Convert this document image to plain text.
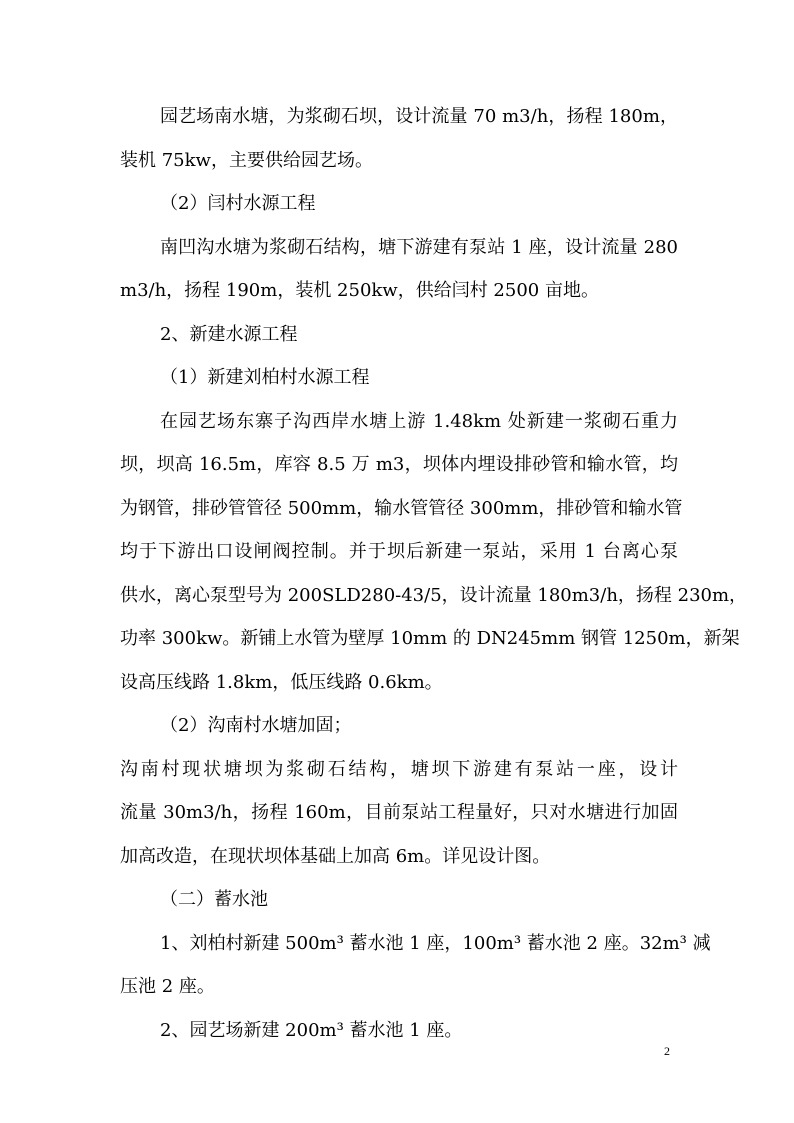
园艺场南水塘，为浆砌石坝，设计流量 70 m3/h，扬程 180m，
装机 75kw，主要供给园艺场。
（2）闫村水源工程
南凹沟水塘为浆砌石结构，塘下游建有泵站 1 座，设计流量 280
m3/h，扬程 190m，装机 250kw，供给闫村 2500 亩地。
2、新建水源工程
（1）新建刘柏村水源工程
在园艺场东寨子沟西岸水塘上游 1.48km 处新建一浆砌石重力
坝，坝高 16.5m，库容 8.5 万 m3，坝体内埋设排砂管和输水管，均
为钢管，排砂管管径 500mm，输水管管径 300mm，排砂管和输水管
均于下游出口设闸阀控制。并于坝后新建一泵站，采用 1 台离心泵
供水，离心泵型号为 200SLD280-43/5，设计流量 180m3/h，扬程 230m，
功率 300kw。新铺上水管为壁厚 10mm 的 DN245mm 钢管 1250m，新架
设高压线路 1.8km，低压线路 0.6km。
（2）沟南村水塘加固；
沟南村现状塘坝为浆砌石结构，塘坝下游建有泵站一座，设计
流量 30m3/h，扬程 160m，目前泵站工程量好，只对水塘进行加固
加高改造，在现状坝体基础上加高 6m。详见设计图。
（二）蓄水池
1、刘柏村新建 500m³ 蓄水池 1 座，100m³ 蓄水池 2 座。32m³ 减
压池 2 座。
2、园艺场新建 200m³ 蓄水池 1 座。
2
